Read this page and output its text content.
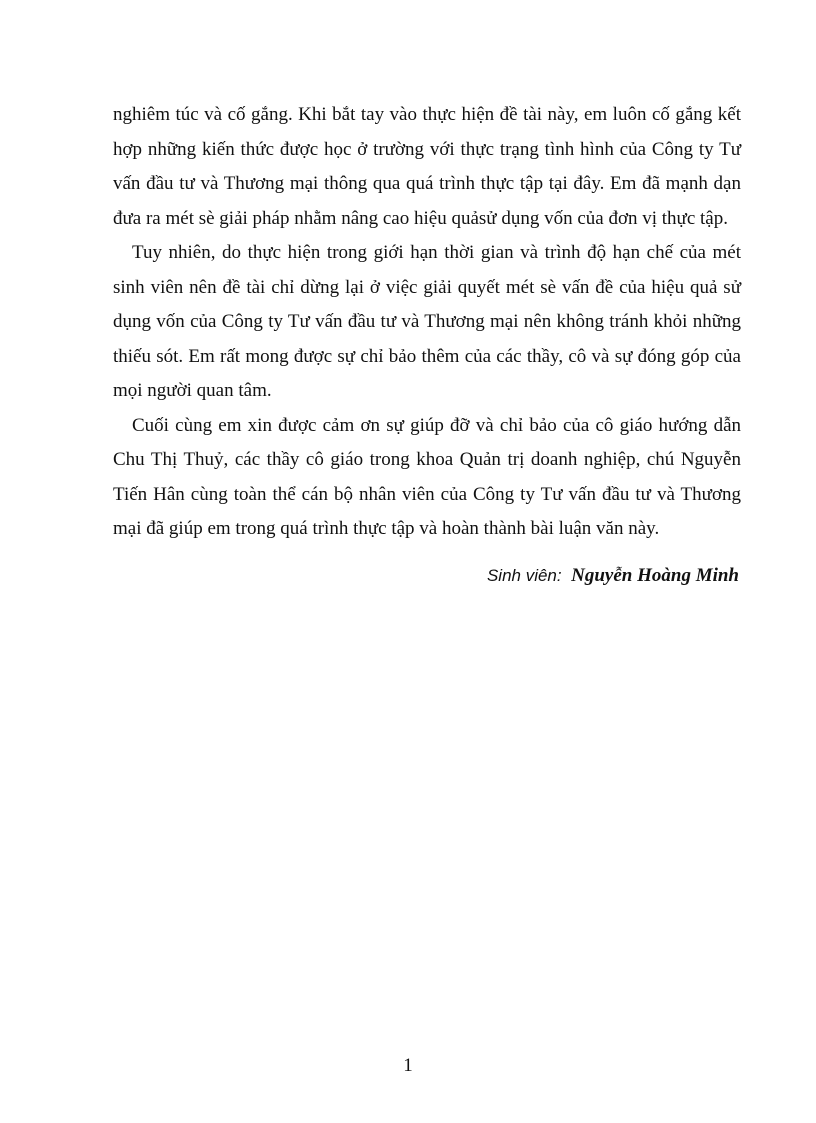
nghiêm túc và cố gắng. Khi bắt tay vào thực hiện đề tài này, em luôn cố gắng kết hợp những kiến thức được học ở trường với thực trạng tình hình của Công ty Tư vấn đầu tư và Thương mại thông qua quá trình thực tập tại đây. Em đã mạnh dạn đưa ra mét sè giải pháp nhằm nâng cao hiệu quảsử dụng vốn của đơn vị thực tập.

Tuy nhiên, do thực hiện trong giới hạn thời gian và trình độ hạn chế của mét sinh viên nên đề tài chỉ dừng lại ở việc giải quyết mét sè vấn đề của hiệu quả sử dụng vốn của Công ty Tư vấn đầu tư và Thương mại nên không tránh khỏi những thiếu sót. Em rất mong được sự chỉ bảo thêm của các thầy, cô và sự đóng góp của mọi người quan tâm.

Cuối cùng em xin được cảm ơn sự giúp đỡ và chỉ bảo của cô giáo hướng dẫn Chu Thị Thuỷ, các thầy cô giáo trong khoa Quản trị doanh nghiệp, chú Nguyễn Tiến Hân cùng toàn thể cán bộ nhân viên của Công ty Tư vấn đầu tư và Thương mại đã giúp em trong quá trình thực tập và hoàn thành bài luận văn này.

Sinh viên: Nguyễn Hoàng Minh
1
